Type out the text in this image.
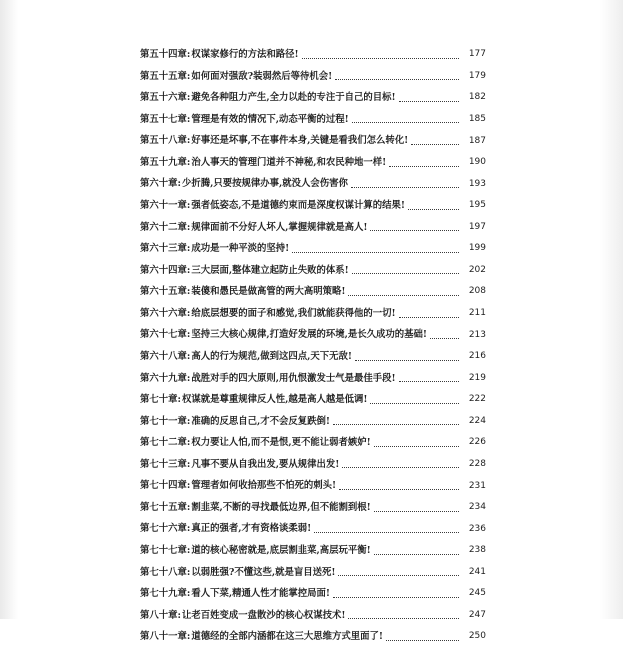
第五十四章: 权谋家修行的方法和路径!	177
第五十五章: 如何面对强敌?装弱然后等待机会!	179
第五十六章: 避免各种阻力产生,全力以赴的专注于自己的目标!	182
第五十七章: 管理是有效的情况下,动态平衡的过程!	185
第五十八章: 好事还是坏事,不在事件本身,关键是看我们怎么转化!	187
第五十九章: 治人事天的管理门道并不神秘,和农民种地一样!	190
第六十章: 少折腾,只要按规律办事,就没人会伤害你	193
第六十一章: 强者低姿态,不是道德约束而是深度权谋计算的结果!	195
第六十二章: 规律面前不分好人坏人,掌握规律就是高人!	197
第六十三章: 成功是一种平淡的坚持!	199
第六十四章: 三大层面,整体建立起防止失败的体系!	202
第六十五章: 装傻和愚民是做高管的两大高明策略!	208
第六十六章: 给底层想要的面子和感觉,我们就能获得他的一切!	211
第六十七章: 坚持三大核心规律,打造好发展的环境,是长久成功的基础!	213
第六十八章: 高人的行为规范,做到这四点,天下无敌!	216
第六十九章: 战胜对手的四大原则,用仇恨激发士气是最佳手段!	219
第七十章: 权谋就是尊重规律反人性,越是高人越是低调!	222
第七十一章: 准确的反思自己,才不会反复跌倒!	224
第七十二章: 权力要让人怕,而不是恨,更不能让弱者嫉妒!	226
第七十三章: 凡事不要从自我出发,要从规律出发!	228
第七十四章: 管理者如何收拾那些不怕死的刺头!	231
第七十五章: 割韭菜,不断的寻找最低边界,但不能割到根!	234
第七十六章: 真正的强者,才有资格谈柔弱!	236
第七十七章: 道的核心秘密就是,底层割韭菜,高层玩平衡!	238
第七十八章: 以弱胜强?不懂这些,就是盲目送死!	241
第七十九章: 看人下菜,精通人性才能掌控局面!	245
第八十章: 让老百姓变成一盘散沙的核心权谋技术!	247
第八十一章: 道德经的全部内涵都在这三大思维方式里面了!	250
